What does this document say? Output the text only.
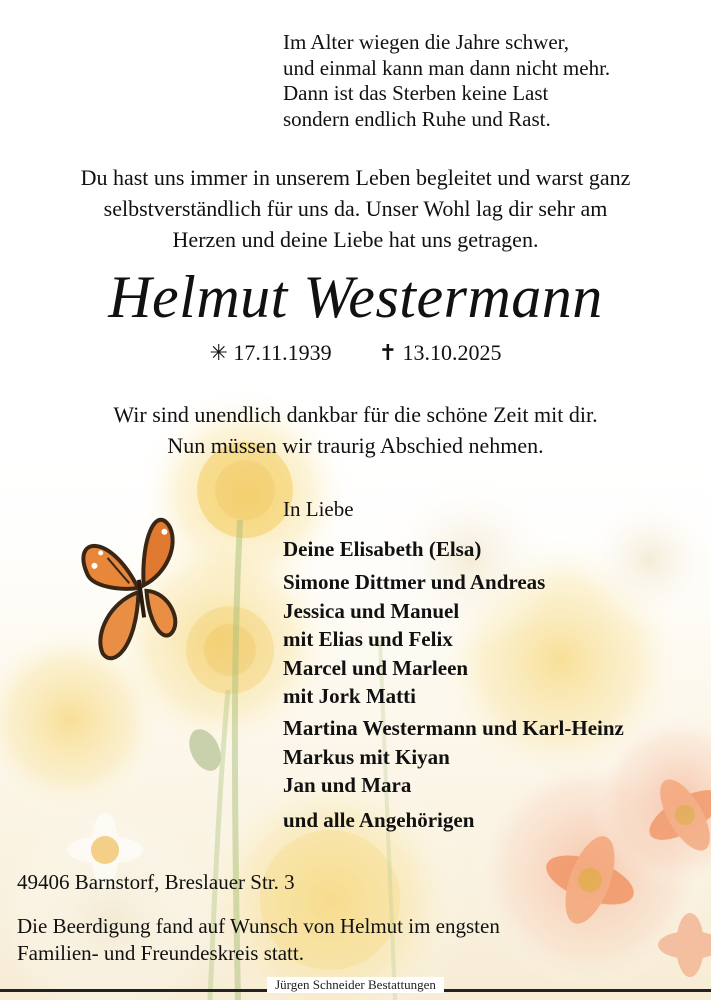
Im Alter wiegen die Jahre schwer,
und einmal kann man dann nicht mehr.
Dann ist das Sterben keine Last
sondern endlich Ruhe und Rast.
Du hast uns immer in unserem Leben begleitet und warst ganz
selbstverständlich für uns da. Unser Wohl lag dir sehr am
Herzen und deine Liebe hat uns getragen.
Helmut Westermann
✳ 17.11.1939 ✝ 13.10.2025
Wir sind unendlich dankbar für die schöne Zeit mit dir.
Nun müssen wir traurig Abschied nehmen.
In Liebe
Deine Elisabeth (Elsa)
Simone Dittmer und Andreas
Jessica und Manuel
mit Elias und Felix
Marcel und Marleen
mit Jork Matti
Martina Westermann und Karl-Heinz
Markus mit Kiyan
Jan und Mara
und alle Angehörigen
49406 Barnstorf, Breslauer Str. 3
Die Beerdigung fand auf Wunsch von Helmut im engsten
Familien- und Freundeskreis statt.
Jürgen Schneider Bestattungen
